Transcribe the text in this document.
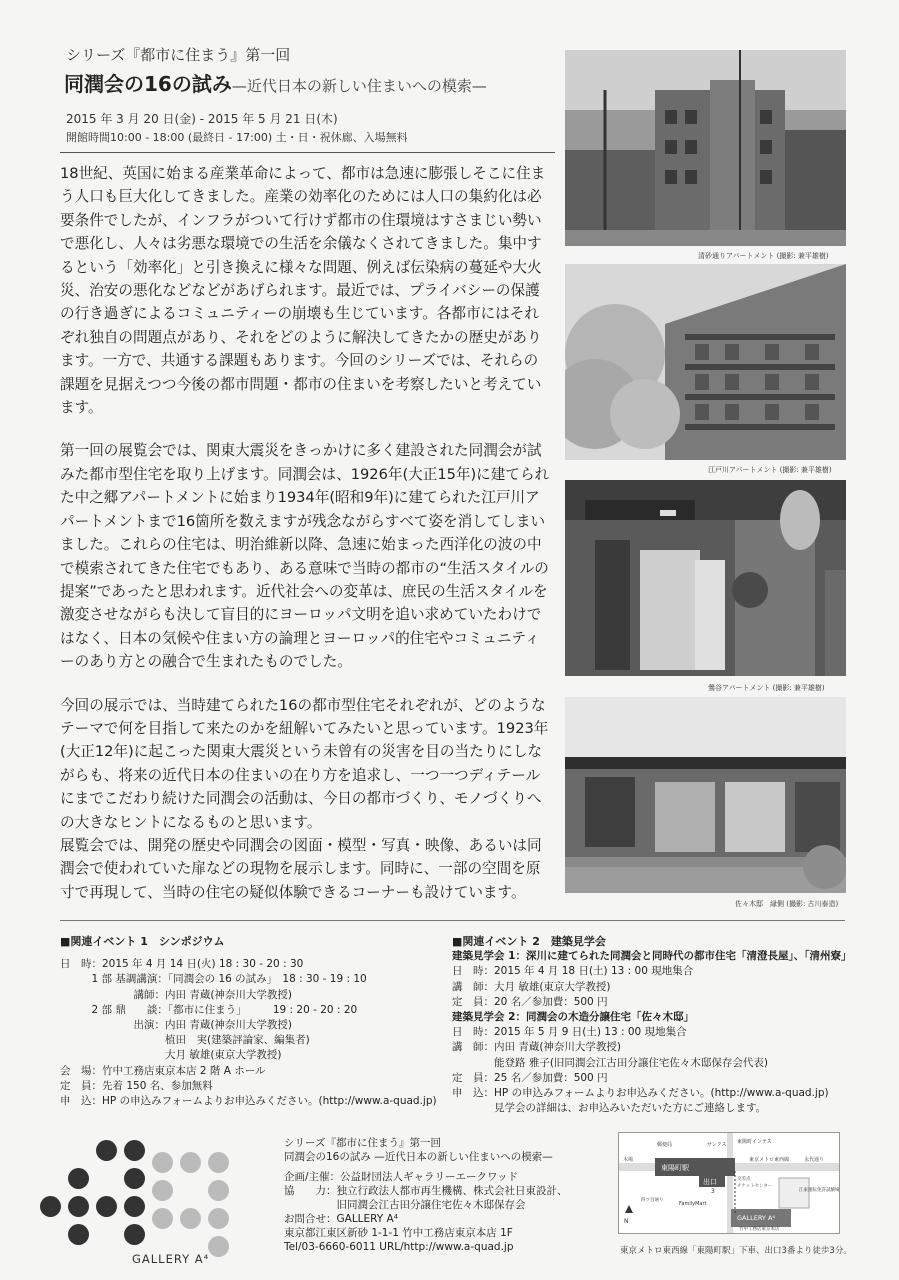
シリーズ『都市に住まう』第一回
同潤会の16の試み—近代日本の新しい住まいへの模索—
2015 年 3 月 20 日(金) - 2015 年 5 月 21 日(木)
開館時間10:00 - 18:00 (最終日 - 17:00) 土・日・祝休廊、入場無料

18世紀、英国に始まる産業革命によって、都市は急速に膨張しそこに住まう人口も巨大化してきました。産業の効率化のためには人口の集約化は必要条件でしたが、インフラがついて行けず都市の住環境はすさまじい勢いで悪化し、人々は劣悪な環境での生活を余儀なくされてきました。集中するという「効率化」と引き換えに様々な問題、例えば伝染病の蔓延や大火災、治安の悪化などなどがあげられます。最近では、プライバシーの保護の行き過ぎによるコミュニティーの崩壊も生じています。各都市にはそれぞれ独自の問題点があり、それをどのように解決してきたかの歴史があります。一方で、共通する課題もあります。今回のシリーズでは、それらの課題を見据えつつ今後の都市問題・都市の住まいを考察したいと考えています。

第一回の展覧会では、関東大震災をきっかけに多く建設された同潤会が試みた都市型住宅を取り上げます。同潤会は、1926年(大正15年)に建てられた中之郷アパートメントに始まり1934年(昭和9年)に建てられた江戸川アパートメントまで16箇所を数えますが残念ながらすべて姿を消してしまいました。これらの住宅は、明治維新以降、急速に始まった西洋化の波の中で模索されてきた住宅でもあり、ある意味で当時の都市の“生活スタイルの提案”であったと思われます。近代社会への変革は、庶民の生活スタイルを激変させながらも決して盲目的にヨーロッパ文明を追い求めていたわけではなく、日本の気候や住まい方の論理とヨーロッパ的住宅やコミュニティーのあり方との融合で生まれたものでした。

今回の展示では、当時建てられた16の都市型住宅それぞれが、どのようなテーマで何を目指して来たのかを紐解いてみたいと思っています。1923年(大正12年)に起こった関東大震災という未曾有の災害を目の当たりにしながらも、将来の近代日本の住まいの在り方を追求し、一つ一つディテールにまでこだわり続けた同潤会の活動は、今日の都市づくり、モノづくりへの大きなヒントになるものと思います。

展覧会では、開発の歴史や同潤会の図面・模型・写真・映像、あるいは同潤会で使われていた扉などの現物を展示します。同時に、一部の空間を原寸で再現して、当時の住宅の疑似体験できるコーナーも設けています。

清砂通りアパートメント (撮影: 兼平雄樹)
江戸川アパートメント (撮影: 兼平雄樹)
鶯谷アパートメント (撮影: 兼平雄樹)
佐々木邸　縁側 (撮影: 古川泰造)
■関連イベント 1　シンポジウム
日　時：2015 年 4 月 14 日(火) 18 : 30 - 20 : 30
　　　1 部 基調講演：「同潤会の 16 の試み」　18 : 30 - 19 : 10
　　　　　　　講師：内田 青蔵(神奈川大学教授)
　　　2 部 鼎　　談：「都市に住まう」　　　19 : 20 - 20 : 20
　　　　　　　出演：内田 青蔵(神奈川大学教授)
　　　　　　　　　　植田　実(建築評論家、編集者)
　　　　　　　　　　大月 敏雄(東京大学教授)
会　場：竹中工務店東京本店 2 階 A ホール
定　員：先着 150 名、参加無料
申　込：HP の申込みフォームよりお申込みください。(http://www.a-quad.jp)
■関連イベント 2　建築見学会
建築見学会 1：深川に建てられた同潤会と同時代の都市住宅「清澄長屋」、「清州寮」
日　時：2015 年 4 月 18 日(土) 13 : 00 現地集合
講　師：大月 敏雄(東京大学教授)
定　員：20 名／参加費：500 円
建築見学会 2：同潤会の木造分譲住宅「佐々木邸」
日　時：2015 年 5 月 9 日(土) 13 : 00 現地集合
講　師：内田 青蔵(神奈川大学教授)
　　　　能登路 雅子(旧同潤会江古田分譲住宅佐々木邸保存会代表)
定　員：25 名／参加費：500 円
申　込：HP の申込みフォームよりお申込みください。(http://www.a-quad.jp)
　　　　見学会の詳細は、お申込みいただいた方にご連絡します。
GALLERY A⁴
シリーズ『都市に住まう』第一回
同潤会の16の試み —近代日本の新しい住まいへの模索—
企画/主催：公益財団法人ギャラリーエークワッド
協　　力：独立行政法人都市再生機構、株式会社日東設計、
　　　　　旧同潤会江古田分譲住宅佐々木邸保存会
お問合せ：GALLERY A⁴
東京都江東区新砂 1-1-1 竹中工務店東京本店 1F
Tel/03-6660-6011 URL/http://www.a-quad.jp
郵便局	サンクス 東陽町インテス
木場
東陽町駅
東京メトロ東西線	永代通り
出口
3
交差点
チケットセンター
四ツ目通り
FamilyMart
GALLERY A⁴
竹中工務店東京本店
江東運転免許試験場
N
東京メトロ東西線「東陽町駅」下車、出口3番より徒歩3分。
